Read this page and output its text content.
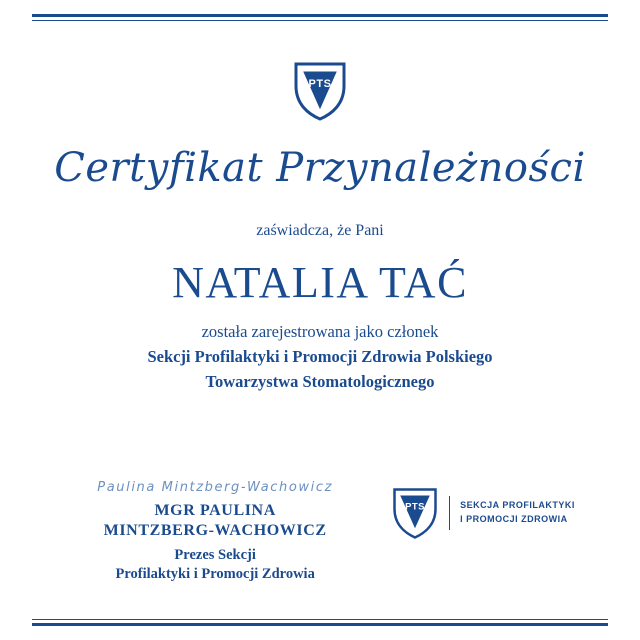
PTS
Certyfikat Przynależności
zaświadcza, że Pani
NATALIA TAĆ
została zarejestrowana jako członek
Sekcji Profilaktyki i Promocji Zdrowia Polskiego
Towarzystwa Stomatologicznego
Paulina Mintzberg-Wachowicz
MGR PAULINA
MINTZBERG-WACHOWICZ
Prezes Sekcji
Profilaktyki i Promocji Zdrowia
PTS	SEKCJA PROFILAKTYKI
I PROMOCJI ZDROWIA
